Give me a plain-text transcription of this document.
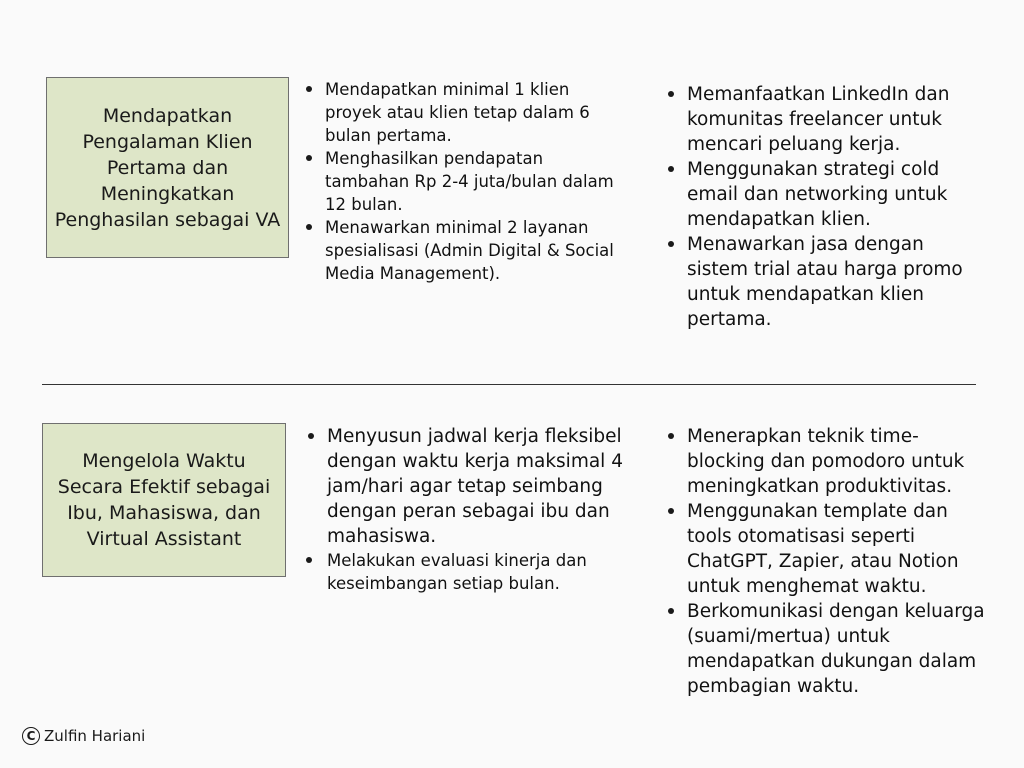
Mendapatkan Pengalaman Klien Pertama dan Meningkatkan Penghasilan sebagai VA
Mendapatkan minimal 1 klien proyek atau klien tetap dalam 6 bulan pertama.
Menghasilkan pendapatan tambahan Rp 2-4 juta/bulan dalam 12 bulan.
Menawarkan minimal 2 layanan spesialisasi (Admin Digital & Social Media Management).
Memanfaatkan LinkedIn dan komunitas freelancer untuk mencari peluang kerja.
Menggunakan strategi cold email dan networking untuk mendapatkan klien.
Menawarkan jasa dengan sistem trial atau harga promo untuk mendapatkan klien pertama.
Mengelola Waktu Secara Efektif sebagai Ibu, Mahasiswa, dan Virtual Assistant
Menyusun jadwal kerja fleksibel dengan waktu kerja maksimal 4 jam/hari agar tetap seimbang dengan peran sebagai ibu dan mahasiswa.
Melakukan evaluasi kinerja dan keseimbangan setiap bulan.
Menerapkan teknik time-blocking dan pomodoro untuk meningkatkan produktivitas.
Menggunakan template dan tools otomatisasi seperti ChatGPT, Zapier, atau Notion untuk menghemat waktu.
Berkomunikasi dengan keluarga (suami/mertua) untuk mendapatkan dukungan dalam pembagian waktu.
C Zulfin Hariani
